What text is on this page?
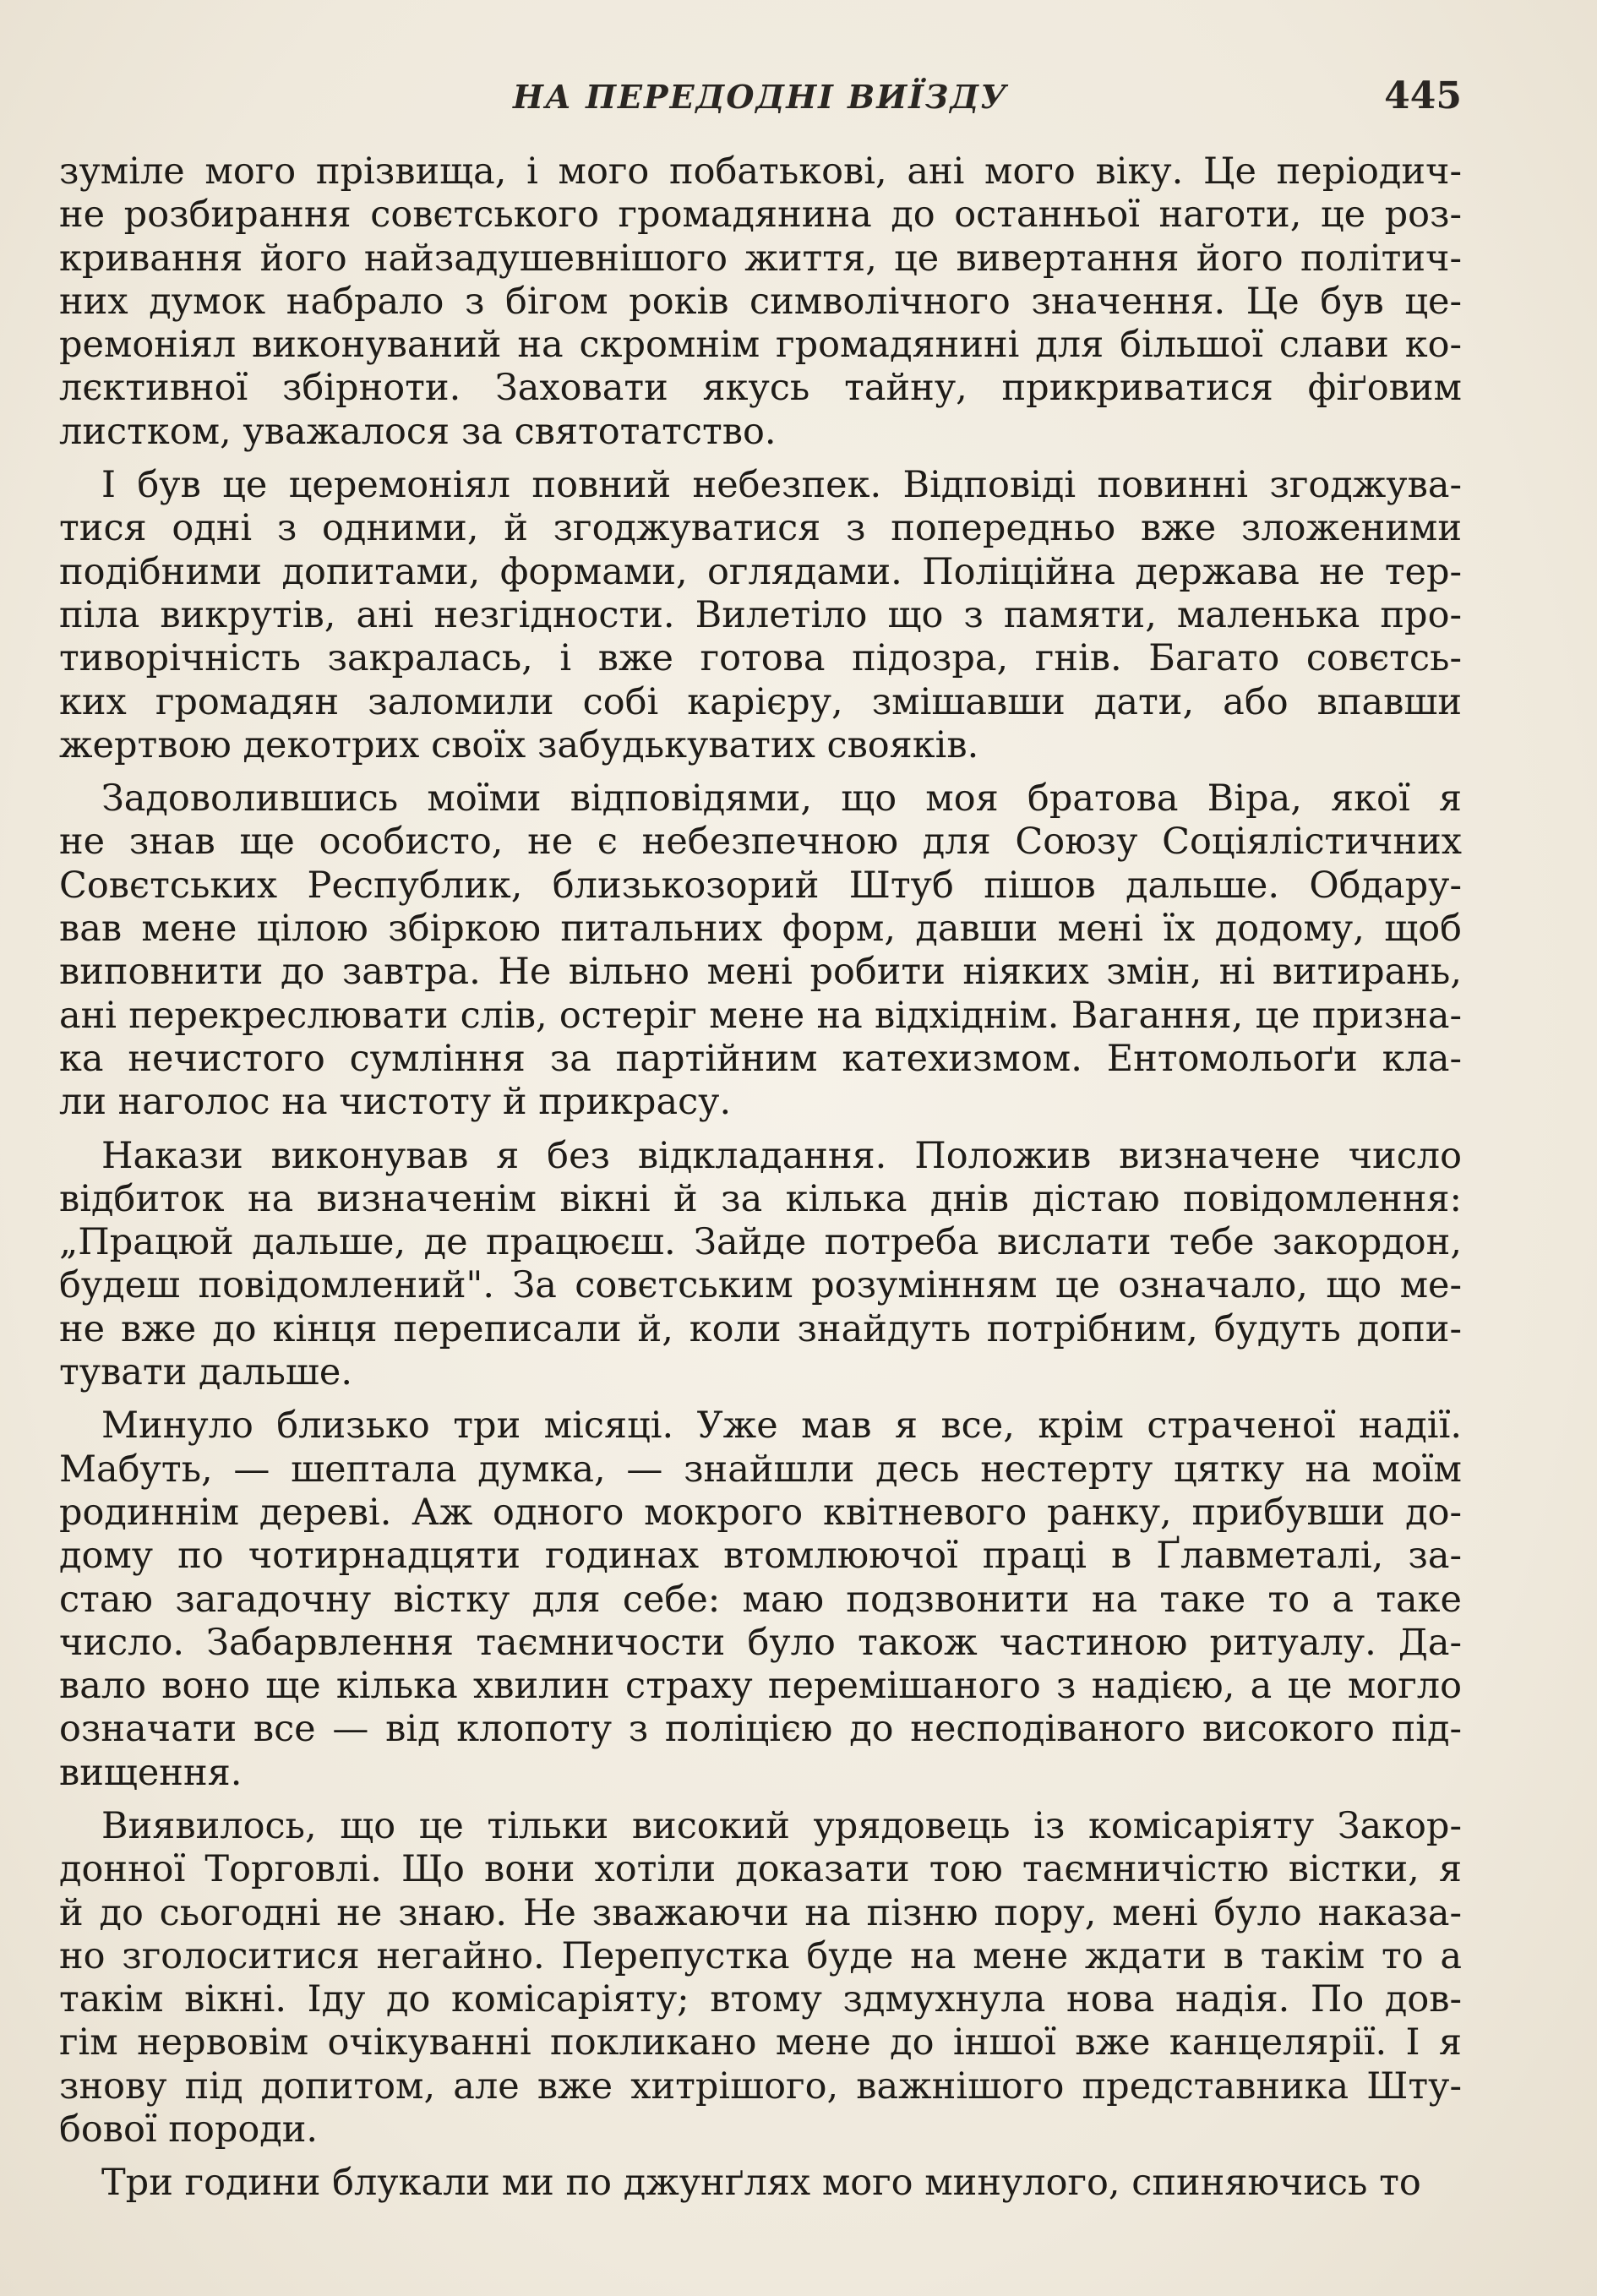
НА ПЕРЕДОДНІ ВИЇЗДУ	445
зуміле мого прізвища, і мого побатькові, ані мого віку. Це періодич-
не розбирання совєтського громадянина до останньої наготи, це роз-
кривання його найзадушевнішого життя, це вивертання його політич-
них думок набрало з бігом років символічного значення. Це був це-
ремоніял виконуваний на скромнім громадянині для більшої слави ко-
лєктивної збірноти. Заховати якусь тайну, прикриватися фіґовим
листком, уважалося за святотатство.
І був це церемоніял повний небезпек. Відповіді повинні згоджува-
тися одні з одними, й згоджуватися з попередньо вже зложеними
подібними допитами, формами, оглядами. Поліційна держава не тер-
піла викрутів, ані незгідности. Вилетіло що з памяти, маленька про-
тиворічність закралась, і вже готова підозра, гнів. Багато совєтсь-
ких громадян заломили собі карієру, змішавши дати, або впавши
жертвою декотрих своїх забудькуватих свояків.
Задоволившись моїми відповідями, що моя братова Віра, якої я
не знав ще особисто, не є небезпечною для Союзу Соціялістичних
Совєтських Республик, близькозорий Штуб пішов дальше. Обдару-
вав мене цілою збіркою питальних форм, давши мені їх додому, щоб
виповнити до завтра. Не вільно мені робити ніяких змін, ні витирань,
ані перекреслювати слів, остеріг мене на відхіднім. Вагання, це призна-
ка нечистого сумління за партійним катехизмом. Ентомольоґи кла-
ли наголос на чистоту й прикрасу.
Накази виконував я без відкладання. Положив визначене число
відбиток на визначенім вікні й за кілька днів дістаю повідомлення:
„Працюй дальше, де працюєш. Зайде потреба вислати тебе закордон,
будеш повідомлений". За совєтським розумінням це означало, що ме-
не вже до кінця переписали й, коли знайдуть потрібним, будуть допи-
тувати дальше.
Минуло близько три місяці. Уже мав я все, крім страченої надії.
Мабуть, — шептала думка, — знайшли десь нестерту цятку на моїм
родиннім дереві. Аж одного мокрого квітневого ранку, прибувши до-
дому по чотирнадцяти годинах втомлюючої праці в Ґлавметалі, за-
стаю загадочну вістку для себе: маю подзвонити на таке то а таке
число. Забарвлення таємничости було також частиною ритуалу. Да-
вало воно ще кілька хвилин страху перемішаного з надією, а це могло
означати все — від клопоту з поліцією до несподіваного високого під-
вищення.
Виявилось, що це тільки високий урядовець із комісаріяту Закор-
донної Торговлі. Що вони хотіли доказати тою таємничістю вістки, я
й до сьогодні не знаю. Не зважаючи на пізню пору, мені було наказа-
но зголоситися негайно. Перепустка буде на мене ждати в такім то а
такім вікні. Іду до комісаріяту; втому здмухнула нова надія. По дов-
гім нервовім очікуванні покликано мене до іншої вже канцелярії. І я
знову під допитом, але вже хитрішого, важнішого представника Шту-
бової породи.
Три години блукали ми по джунґлях мого минулого, спиняючись то
